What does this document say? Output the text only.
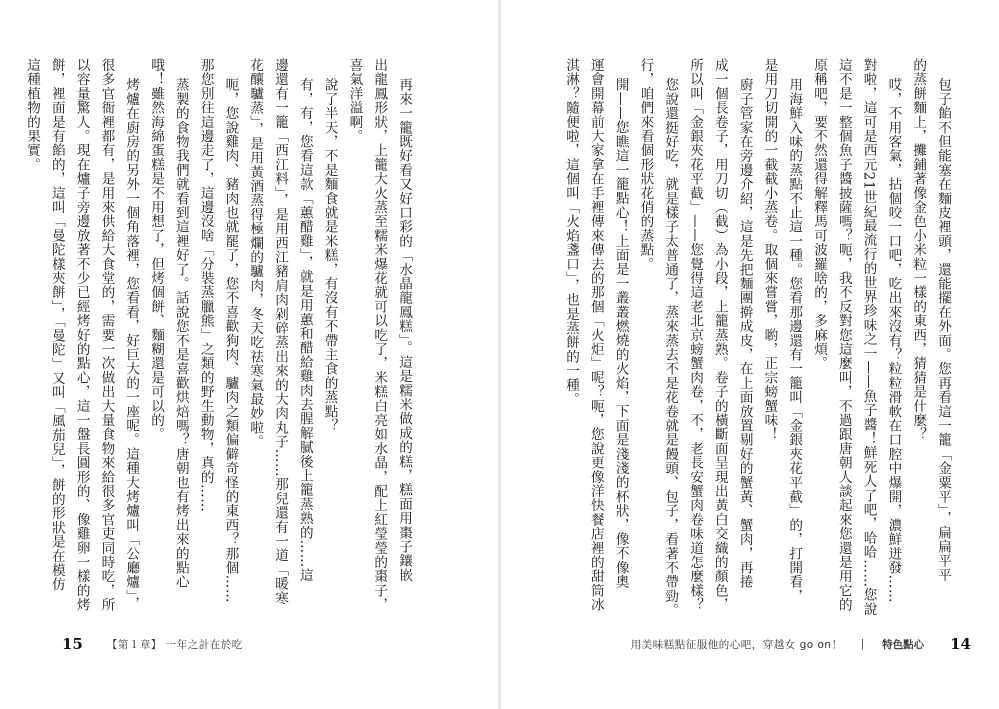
再來一籠既好看又好口彩的「水晶龍鳳糕」。這是糯米做成的糕，糕面用棗子鑲嵌
出龍鳳形狀，上籠大火蒸至糯米爆花就可以吃了，米糕白亮如水晶，配上紅瑩瑩的棗子，
喜氣洋溢啊。
說了半天，不是麵食就是米糕，有沒有不帶主食的蒸點？
有，有，您看這款「蕙醋雞」，就是用蕙和醋給雞肉去腥解膩後上籠蒸熟的……這
邊還有一籠「西江料」，是用西江豬肩肉剁碎蒸出來的大肉丸子……那兒還有一道「暖寒
花釀驢蒸」，是用黃酒蒸得極爛的驢肉，冬天吃祛寒氣最妙啦。
呃，您說雞肉、豬肉也就罷了，您不喜歡狗肉、驢肉之類偏僻奇怪的東西？那個……
那您別往這邊走了，這邊沒啥「分裝蒸臘熊」之類的野生動物，真的……
蒸製的食物我們就看到這裡好了。話說您不是喜歡烘焙嗎？唐朝也有烤出來的點心
哦！雖然海綿蛋糕是不用想了，但烤個餅、麵糊還是可以的。
烤爐在廚房的另外一個角落裡，您看看，好巨大的一座呢。這種大烤爐叫「公廳爐」，
很多官衙裡都有，是用來供給大食堂的，需要一次做出大量食物來給很多官吏同時吃，所
以容量驚人。現在爐子旁邊放著不少已經烤好的點心，這一盤長圓形的、像雞卵一樣的烤
餅，裡面是有餡的，這叫「曼陀樣夾餅」，「曼陀」又叫「風茄兒」，餅的形狀是在模仿
這種植物的果實。
15 【第１章】 一年之計在於吃
包子餡不但能塞在麵皮裡頭，還能擺在外面。您再看這一籠「金粟平」，扁扁平平
的蒸餅麵上，攤鋪著像金色小米粒一樣的東西，猜猜是什麼？
哎，不用客氣，拈個咬一口吧，吃出來沒有？粒粒滑軟在口腔中爆開，濃鮮迸發……
對啦，這可是西元21世紀最流行的世界珍味之一——魚子醬！鮮死人了吧，哈哈……您說
這不是一整個魚子醬披薩嗎？呃，我不反對您這麼叫，不過跟唐朝人談起來您還是用它的
原稱吧，要不然還得解釋馬可波羅啥的，多麻煩。
用海鮮入味的蒸點不止這一種。您看那邊還有一籠叫「金銀夾花平截」的，打開看，
是用刀切開的一截截小蒸卷。取個來嘗嘗，喲，正宗螃蟹味！
廚子管家在旁邊介紹，這是先把麵團擀成皮，在上面放置剔好的蟹黃、蟹肉，再捲
成一個長卷子，用刀切（截）為小段，上籠蒸熟。卷子的橫斷面呈現出黃白交織的顏色，
所以叫「金銀夾花平截」——您覺得這老北京螃蟹肉卷，不，老長安蟹肉卷味道怎麼樣？
您說還挺好吃，就是樣子太普通了，蒸來蒸去不是花卷就是饅頭、包子，看著不帶勁。
行，咱們來看個形狀花俏的蒸點。
開——您瞧這一籠點心！上面是一叢叢燃燒的火焰，下面是淺淺的杯狀，像不像奧
運會開幕前大家拿在手裡傳來傳去的那個「火炬」呢？呃，您說更像洋快餐店裡的甜筒冰
淇淋？隨便啦，這個叫「火焰盞口」，也是蒸餅的一種。
用美味糕點征服他的心吧，穿越女 go on！ | 特色點心 14
